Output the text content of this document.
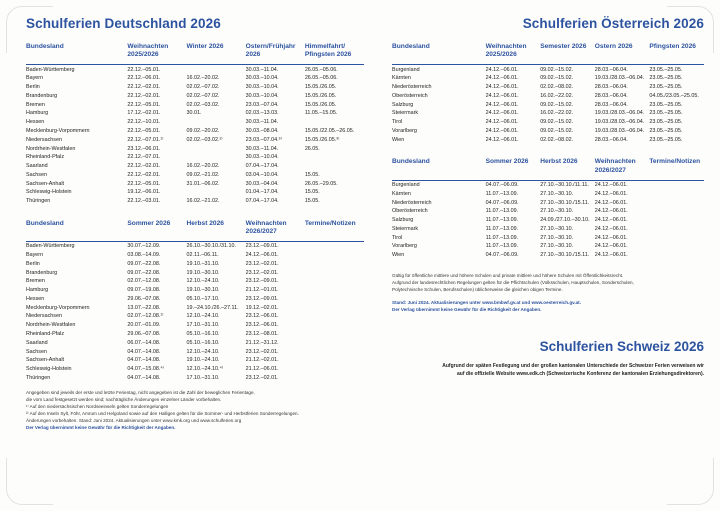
Schulferien Deutschland 2026
Bundesland	Weihnachten 2025/2026	Winter 2026	Ostern/Frühjahr 2026	Himmelfahrt/ Pfingsten 2026
Baden-Württemberg	22.12.–05.01.		30.03.–11.04.	26.05.–05.06.
Bayern	22.12.–06.01.	16.02.–20.02.	30.03.–10.04.	26.05.–05.06.
Berlin	22.12.–02.01.	02.02.–07.02.	30.03.–10.04.	15.05./26.05.
Brandenburg	22.12.–02.01.	02.02.–07.02.	30.03.–10.04.	15.05./26.05.
Bremen	22.12.–05.01.	02.02.–03.02.	23.03.–07.04.	15.05./26.05.
Hamburg	17.12.–02.01.	30.01.	02.03.–13.03.	11.05.–15.05.
Hessen	22.12.–10.01.		30.03.–11.04.	
Mecklenburg-Vorpommern	22.12.–05.01.	09.02.–20.02.	30.03.–08.04.	15.05./22.05.–26.05.
Niedersachsen	22.12.–07.01.¹⁾	02.02.–03.02.²⁾	23.03.–07.04.³⁾	15.05./26.05.³⁾
Nordrhein-Westfalen	23.12.–06.01.		30.03.–11.04.	26.05.
Rheinland-Pfalz	22.12.–07.01.		30.03.–10.04.	
Saarland	22.12.–02.01.	16.02.–20.02.	07.04.–17.04.	
Sachsen	22.12.–02.01.	09.02.–21.02.	03.04.–10.04.	15.05.
Sachsen-Anhalt	22.12.–05.01.	31.01.–06.02.	30.03.–04.04.	26.05.–29.05.
Schleswig-Holstein	19.12.–06.01.		01.04.–17.04.	15.05.
Thüringen	22.12.–03.01.	16.02.–21.02.	07.04.–17.04.	15.05.
Bundesland	Sommer 2026	Herbst 2026	Weihnachten 2026/2027	Termine/Notizen
Baden-Württemberg	30.07.–12.09.	26.10.–30.10./31.10.	23.12.–09.01.	
Bayern	03.08.–14.09.	02.11.–06.11.	24.12.–06.01.	
Berlin	09.07.–22.08.	19.10.–31.10.	23.12.–02.01.	
Brandenburg	09.07.–22.08.	19.10.–30.10.	23.12.–02.01.	
Bremen	02.07.–12.08.	12.10.–24.10.	23.12.–09.01.	
Hamburg	09.07.–19.08.	19.10.–30.10.	21.12.–01.01.	
Hessen	29.06.–07.08.	05.10.–17.10.	23.12.–09.01.	
Mecklenburg-Vorpommern	13.07.–22.08.	19.–24.10./26.–27.11.	19.12.–02.01.	
Niedersachsen	02.07.–12.08.¹⁾	12.10.–24.10.	23.12.–06.01.	
Nordrhein-Westfalen	20.07.–01.09.	17.10.–31.10.	23.12.–06.01.	
Rheinland-Pfalz	29.06.–07.08.	05.10.–16.10.	23.12.–08.01.	
Saarland	06.07.–14.08.	05.10.–16.10.	21.12.–31.12.	
Sachsen	04.07.–14.08.	12.10.–24.10.	23.12.–02.01.	
Sachsen-Anhalt	04.07.–14.08.	19.10.–24.10.	21.12.–02.01.	
Schleswig-Holstein	04.07.–15.08.⁴⁾	12.10.–24.10.⁴⁾	21.12.–06.01.	
Thüringen	04.07.–14.08.	17.10.–31.10.	23.12.–02.01.	
Angegeben sind jeweils der erste und letzte Ferientag, nicht angegeben ist die Zahl der beweglichen Ferientage,
die vom Land festgesetzt werden sind; nachträgliche Änderungen einzelner Länder vorbehalten.
¹⁾ Auf den niedersächsischen Nordseeinseln gelten Sonderregelungen
²⁾ Auf den Inseln Sylt, Föhr, Amrum und Helgoland sowie auf den Halligen gelten für die Sommer- und Herbstferien Sonderregelungen.
Änderungen vorbehalten. Stand: Juni 2024. Aktualisierungen unter www.kmk.org und www.schulferien.org
Der Verlag übernimmt keine Gewähr für die Richtigkeit der Angaben.
Schulferien Österreich 2026
Bundesland	Weihnachten 2025/2026	Semester 2026	Ostern 2026	Pfingsten 2026
Burgenland	24.12.–06.01.	09.02.–15.02.	28.03.–06.04.	23.05.–25.05.
Kärnten	24.12.–06.01.	09.02.–15.02.	19.03./28.03.–06.04.	23.05.–25.05.
Niederösterreich	24.12.–06.01.	02.02.–08.02.	28.03.–06.04.	23.05.–25.05.
Oberösterreich	24.12.–06.01.	16.02.–22.02.	28.03.–06.04.	04.05./23.05.–25.05.
Salzburg	24.12.–06.01.	09.02.–15.02.	28.03.–06.04.	23.05.–25.05.
Steiermark	24.12.–06.01.	16.02.–22.02.	19.03./28.03.–06.04.	23.05.–25.05.
Tirol	24.12.–06.01.	09.02.–15.02.	19.03./28.03.–06.04.	23.05.–25.05.
Vorarlberg	24.12.–06.01.	09.02.–15.02.	19.03./28.03.–06.04.	23.05.–25.05.
Wien	24.12.–06.01.	02.02.–08.02.	28.03.–06.04.	23.05.–25.05.
Bundesland	Sommer 2026	Herbst 2026	Weihnachten 2026/2027	Termine/Notizen
Burgenland	04.07.–06.09.	27.10.–30.10./11.11.	24.12.–06.01.	
Kärnten	11.07.–13.09.	27.10.–30.10.	24.12.–06.01.	
Niederösterreich	04.07.–06.09.	27.10.–30.10./15.11.	24.12.–06.01.	
Oberösterreich	11.07.–13.09.	27.10.–30.10.	24.12.–06.01.	
Salzburg	11.07.–13.09.	24.09./27.10.–30.10.	24.12.–06.01.	
Steiermark	11.07.–13.09.	27.10.–30.10.	24.12.–06.01.	
Tirol	11.07.–13.09.	27.10.–30.10.	24.12.–06.01.	
Vorarlberg	11.07.–13.09.	27.10.–30.10.	24.12.–06.01.	
Wien	04.07.–06.09.	27.10.–30.10./15.11.	24.12.–06.01.	
Gültig für öffentliche mittlere und höhere Schulen und private mittlere und höhere Schulen mit Öffentlichkeitsrecht.
Aufgrund der landesrechtlichen Regelungen gelten für die Pflichtschulen (Volksschulen, Hauptschulen, Sonderschulen,
Polytechnische Schulen, Berufsschulen) üblicherweise die gleichen obigen Termine.
Stand: Juni 2024. Aktualisierungen unter www.bmbwf.gv.at und www.oesterreich.gv.at.
Der Verlag übernimmt keine Gewähr für die Richtigkeit der Angaben.
Schulferien Schweiz 2026
Aufgrund der späten Festlegung und der großen kantonalen Unterschiede der Schweizer Ferien verweisen wir
auf die offizielle Website www.edk.ch (Schweizerische Konferenz der kantonalen Erziehungsdirektoren).
